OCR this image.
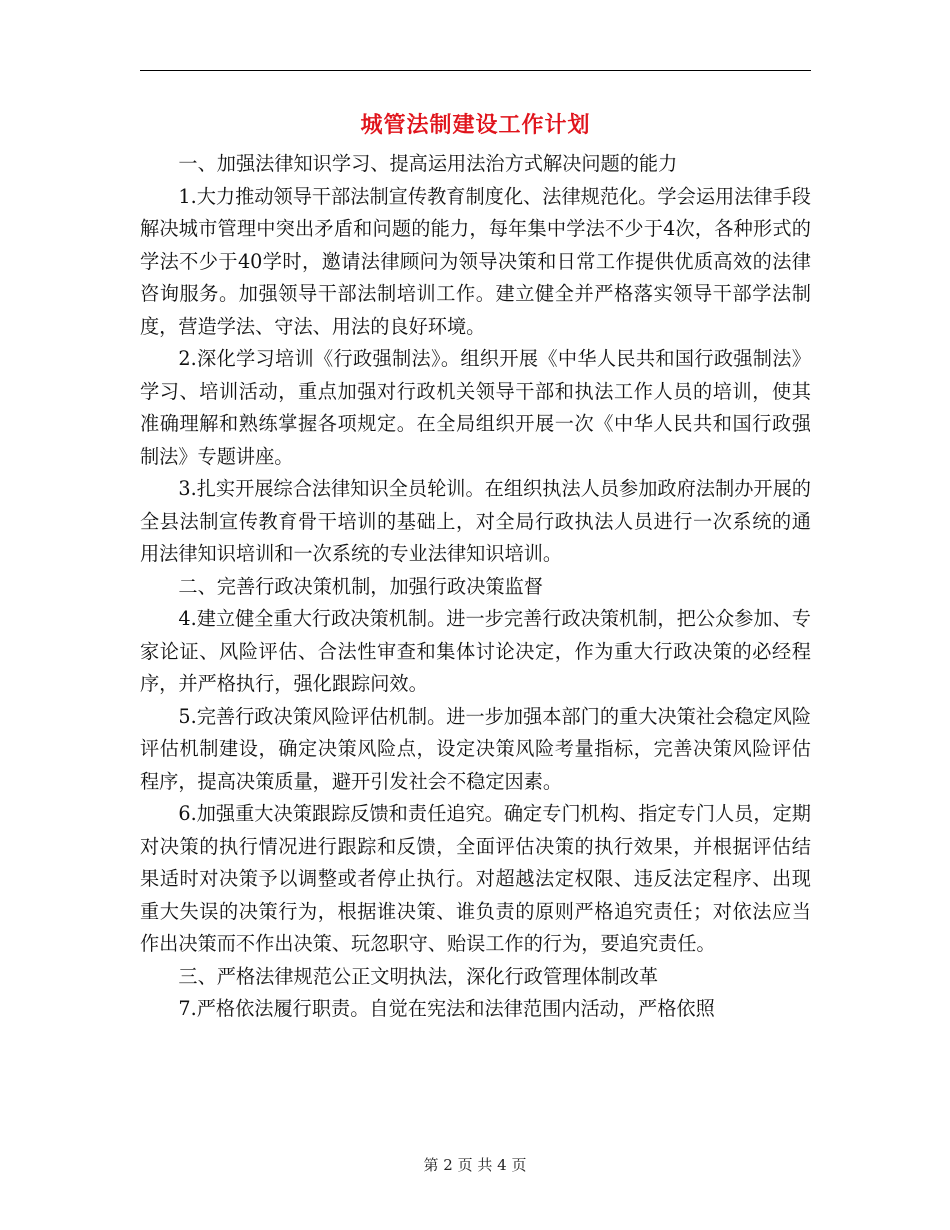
城管法制建设工作计划

一、加强法律知识学习、提高运用法治方式解决问题的能力

1.大力推动领导干部法制宣传教育制度化、法律规范化。学会运用法律手段解决城市管理中突出矛盾和问题的能力，每年集中学法不少于4次，各种形式的学法不少于40学时，邀请法律顾问为领导决策和日常工作提供优质高效的法律咨询服务。加强领导干部法制培训工作。建立健全并严格落实领导干部学法制度，营造学法、守法、用法的良好环境。

2.深化学习培训《行政强制法》。组织开展《中华人民共和国行政强制法》学习、培训活动，重点加强对行政机关领导干部和执法工作人员的培训，使其准确理解和熟练掌握各项规定。在全局组织开展一次《中华人民共和国行政强制法》专题讲座。

3.扎实开展综合法律知识全员轮训。在组织执法人员参加政府法制办开展的全县法制宣传教育骨干培训的基础上，对全局行政执法人员进行一次系统的通用法律知识培训和一次系统的专业法律知识培训。

二、完善行政决策机制，加强行政决策监督

4.建立健全重大行政决策机制。进一步完善行政决策机制，把公众参加、专家论证、风险评估、合法性审查和集体讨论决定，作为重大行政决策的必经程序，并严格执行，强化跟踪问效。

5.完善行政决策风险评估机制。进一步加强本部门的重大决策社会稳定风险评估机制建设，确定决策风险点，设定决策风险考量指标，完善决策风险评估程序，提高决策质量，避开引发社会不稳定因素。

6.加强重大决策跟踪反馈和责任追究。确定专门机构、指定专门人员，定期对决策的执行情况进行跟踪和反馈，全面评估决策的执行效果，并根据评估结果适时对决策予以调整或者停止执行。对超越法定权限、违反法定程序、出现重大失误的决策行为，根据谁决策、谁负责的原则严格追究责任；对依法应当作出决策而不作出决策、玩忽职守、贻误工作的行为，要追究责任。

三、严格法律规范公正文明执法，深化行政管理体制改革

7.严格依法履行职责。自觉在宪法和法律范围内活动，严格依照

第 2 页 共 4 页
